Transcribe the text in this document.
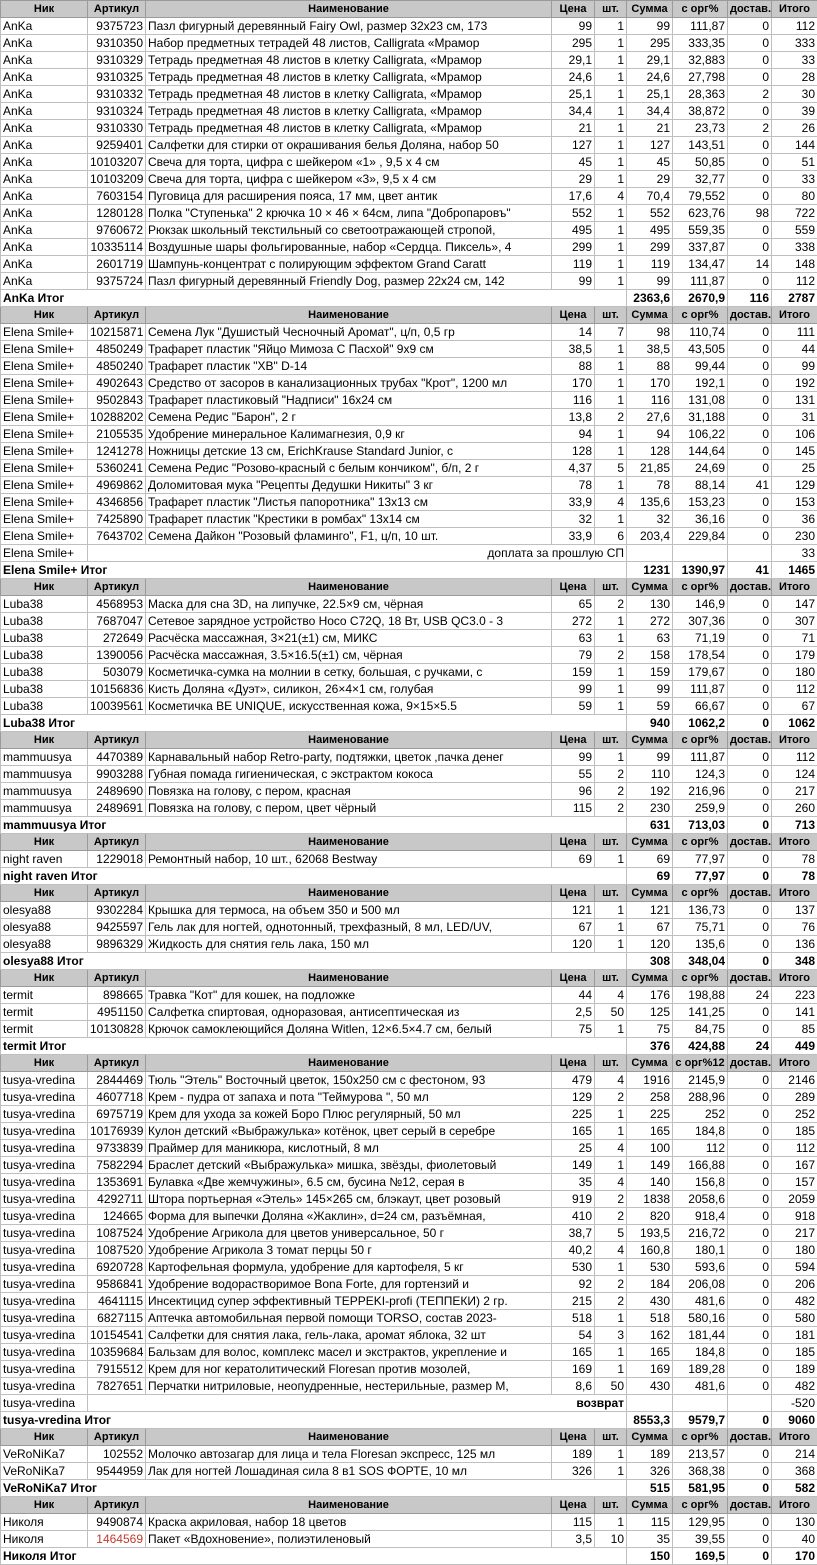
Ник	Артикул	Наименование	Цена	шт.	Сумма	с орг%	достав.	Итого
AnKa	9375723	Пазл фигурный деревянный Fairy Owl, размер 32х23 см, 173	99	1	99	111,87	0	112
AnKa	9310350	Набор предметных тетрадей 48 листов, Calligrata «Мрамор	295	1	295	333,35	0	333
AnKa	9310329	Тетрадь предметная 48 листов в клетку Calligrata, «Мрамор	29,1	1	29,1	32,883	0	33
AnKa	9310325	Тетрадь предметная 48 листов в клетку Calligrata, «Мрамор	24,6	1	24,6	27,798	0	28
AnKa	9310332	Тетрадь предметная 48 листов в клетку Calligrata, «Мрамор	25,1	1	25,1	28,363	2	30
AnKa	9310324	Тетрадь предметная 48 листов в клетку Calligrata, «Мрамор	34,4	1	34,4	38,872	0	39
AnKa	9310330	Тетрадь предметная 48 листов в клетку Calligrata, «Мрамор	21	1	21	23,73	2	26
AnKa	9259401	Салфетки для стирки от окрашивания белья Доляна, набор 50	127	1	127	143,51	0	144
AnKa	10103207	Свеча для торта, цифра с шейкером «1» , 9,5 х 4 см	45	1	45	50,85	0	51
AnKa	10103209	Свеча для торта, цифра с шейкером «3», 9,5 х 4 см	29	1	29	32,77	0	33
AnKa	7603154	Пуговица для расширения пояса, 17 мм, цвет антик	17,6	4	70,4	79,552	0	80
AnKa	1280128	Полка "Ступенька" 2 крючка 10 × 46 × 64см, липа "Добропаровъ"	552	1	552	623,76	98	722
AnKa	9760672	Рюкзак школьный текстильный со светоотражающей стропой,	495	1	495	559,35	0	559
AnKa	10335114	Воздушные шары фольгированные, набор «Сердца. Пиксель», 4	299	1	299	337,87	0	338
AnKa	2601719	Шампунь-концентрат с полирующим эффектом Grand Caratt	119	1	119	134,47	14	148
AnKa	9375724	Пазл фигурный деревянный Friendly Dog, размер 22х24 см, 142	99	1	99	111,87	0	112
AnKa Итог					2363,6	2670,9	116	2787
Ник	Артикул	Наименование	Цена	шт.	Сумма	с орг%	достав.	Итого
Elena Smile+	10215871	Семена Лук "Душистый Чесночный Аромат", ц/п, 0,5 гр	14	7	98	110,74	0	111
Elena Smile+	4850249	Трафарет пластик "Яйцо Мимоза С Пасхой" 9х9 см	38,5	1	38,5	43,505	0	44
Elena Smile+	4850240	Трафарет пластик "ХВ" D-14	88	1	88	99,44	0	99
Elena Smile+	4902643	Средство от засоров в канализационных трубах "Крот", 1200 мл	170	1	170	192,1	0	192
Elena Smile+	9502843	Трафарет пластиковый "Надписи" 16х24 см	116	1	116	131,08	0	131
Elena Smile+	10288202	Семена Редис "Барон", 2 г	13,8	2	27,6	31,188	0	31
Elena Smile+	2105535	Удобрение минеральное Калимагнезия, 0,9 кг	94	1	94	106,22	0	106
Elena Smile+	1241278	Ножницы детские 13 см, ErichKrause Standard Junior, с	128	1	128	144,64	0	145
Elena Smile+	5360241	Семена Редис "Розово-красный с белым кончиком", б/п, 2 г	4,37	5	21,85	24,69	0	25
Elena Smile+	4969862	Доломитовая мука "Рецепты Дедушки Никиты" 3 кг	78	1	78	88,14	41	129
Elena Smile+	4346856	Трафарет пластик "Листья папоротника" 13х13 см	33,9	4	135,6	153,23	0	153
Elena Smile+	7425890	Трафарет пластик "Крестики в ромбах" 13х14 см	32	1	32	36,16	0	36
Elena Smile+	7643702	Семена Дайкон "Розовый фламинго", F1, ц/п, 10 шт.	33,9	6	203,4	229,84	0	230
Elena Smile+	доплата за прошлую СП							33
Elena Smile+ Итог					1231	1390,97	41	1465
Ник	Артикул	Наименование	Цена	шт.	Сумма	с орг%	достав.	Итого
Luba38	4568953	Маска для сна 3D, на липучке, 22.5×9 см, чёрная	65	2	130	146,9	0	147
Luba38	7687047	Сетевое зарядное устройство Hoco C72Q, 18 Вт, USB QC3.0 - 3	272	1	272	307,36	0	307
Luba38	272649	Расчёска массажная, 3×21(±1) см, МИКС	63	1	63	71,19	0	71
Luba38	1390056	Расчёска массажная, 3.5×16.5(±1) см, чёрная	79	2	158	178,54	0	179
Luba38	503079	Косметичка-сумка на молнии в сетку, большая, с ручками, с	159	1	159	179,67	0	180
Luba38	10156836	Кисть Доляна «Дуэт», силикон, 26×4×1 см, голубая	99	1	99	111,87	0	112
Luba38	10039561	Косметичка BE UNIQUE, искусственная кожа, 9×15×5.5	59	1	59	66,67	0	67
Luba38 Итог					940	1062,2	0	1062
Ник	Артикул	Наименование	Цена	шт.	Сумма	с орг%	достав.	Итого
mammuusya	4470389	Карнавальный набор Retro-party, подтяжки, цветок ,пачка денег	99	1	99	111,87	0	112
mammuusya	9903288	Губная помада гигиеническая, с экстрактом кокоса	55	2	110	124,3	0	124
mammuusya	2489690	Повязка на голову, с пером, красная	96	2	192	216,96	0	217
mammuusya	2489691	Повязка на голову, с пером, цвет чёрный	115	2	230	259,9	0	260
mammuusya Итог					631	713,03	0	713
Ник	Артикул	Наименование	Цена	шт.	Сумма	с орг%	достав.	Итого
night raven	1229018	Ремонтный набор, 10 шт., 62068 Bestway	69	1	69	77,97	0	78
night raven Итог					69	77,97	0	78
Ник	Артикул	Наименование	Цена	шт.	Сумма	с орг%	достав.	Итого
olesya88	9302284	Крышка для термоса, на объем 350 и 500 мл	121	1	121	136,73	0	137
olesya88	9425597	Гель лак для ногтей, однотонный, трехфазный, 8 мл, LED/UV,	67	1	67	75,71	0	76
olesya88	9896329	Жидкость для снятия гель лака, 150 мл	120	1	120	135,6	0	136
olesya88 Итог					308	348,04	0	348
Ник	Артикул	Наименование	Цена	шт.	Сумма	с орг%	достав.	Итого
termit	898665	Травка "Кот" для кошек, на подложке	44	4	176	198,88	24	223
termit	4951150	Салфетка спиртовая, одноразовая, антисептическая из	2,5	50	125	141,25	0	141
termit	10130828	Крючок самоклеющийся Доляна Witlen, 12×6.5×4.7 см, белый	75	1	75	84,75	0	85
termit Итог					376	424,88	24	449
Ник	Артикул	Наименование	Цена	шт.	Сумма	с орг%12	достав.	Итого
tusya-vredina	2844469	Тюль "Этель" Восточный цветок, 150х250 см с фестоном, 93	479	4	1916	2145,9	0	2146
tusya-vredina	4607718	Крем - пудра от запаха и пота "Теймурова ", 50 мл	129	2	258	288,96	0	289
tusya-vredina	6975719	Крем для ухода за кожей Боро Плюс регулярный, 50 мл	225	1	225	252	0	252
tusya-vredina	10176939	Кулон детский «Выбражулька» котёнок, цвет серый в серебре	165	1	165	184,8	0	185
tusya-vredina	9733839	Праймер для маникюра, кислотный, 8 мл	25	4	100	112	0	112
tusya-vredina	7582294	Браслет детский «Выбражулька» мишка, звёзды, фиолетовый	149	1	149	166,88	0	167
tusya-vredina	1353691	Булавка «Две жемчужины», 6.5 см, бусина №12, серая в	35	4	140	156,8	0	157
tusya-vredina	4292711	Штора портьерная «Этель» 145×265 см, блэкаут, цвет розовый	919	2	1838	2058,6	0	2059
tusya-vredina	124665	Форма для выпечки Доляна «Жаклин», d=24 см, разъёмная,	410	2	820	918,4	0	918
tusya-vredina	1087524	Удобрение Агрикола для цветов универсальное, 50 г	38,7	5	193,5	216,72	0	217
tusya-vredina	1087520	Удобрение Агрикола 3 томат перцы 50 г	40,2	4	160,8	180,1	0	180
tusya-vredina	6920728	Картофельная формула, удобрение для картофеля, 5 кг	530	1	530	593,6	0	594
tusya-vredina	9586841	Удобрение водорастворимое Bona Forte, для гортензий и	92	2	184	206,08	0	206
tusya-vredina	4641115	Инсектицид супер эффективный TEPPEKI-profi (ТЕППЕКИ) 2 гр.	215	2	430	481,6	0	482
tusya-vredina	6827115	Аптечка автомобильная первой помощи TORSO, состав 2023-	518	1	518	580,16	0	580
tusya-vredina	10154541	Салфетки для снятия лака, гель-лака, аромат яблока, 32 шт	54	3	162	181,44	0	181
tusya-vredina	10359684	Бальзам для волос, комплекс масел и экстрактов, укрепление и	165	1	165	184,8	0	185
tusya-vredina	7915512	Крем для ног кератолитический Floresan против мозолей,	169	1	169	189,28	0	189
tusya-vredina	7827651	Перчатки нитриловые, неопудренные, нестерильные, размер М,	8,6	50	430	481,6	0	482
tusya-vredina	возврат							-520
tusya-vredina Итог					8553,3	9579,7	0	9060
Ник	Артикул	Наименование	Цена	шт.	Сумма	с орг%	достав.	Итого
VeRoNiKa7	102552	Молочко автозагар для лица и тела Floresan экспресс, 125 мл	189	1	189	213,57	0	214
VeRoNiKa7	9544959	Лак для ногтей Лошадиная сила 8 в1 SOS ФОРТЕ, 10 мл	326	1	326	368,38	0	368
VeRoNiKa7 Итог					515	581,95	0	582
Ник	Артикул	Наименование	Цена	шт.	Сумма	с орг%	достав.	Итого
Николя	9490874	Краска акриловая, набор 18 цветов	115	1	115	129,95	0	130
Николя	1464569	Пакет «Вдохновение», полиэтиленовый	3,5	10	35	39,55	0	40
Николя Итог					150	169,5	0	170
